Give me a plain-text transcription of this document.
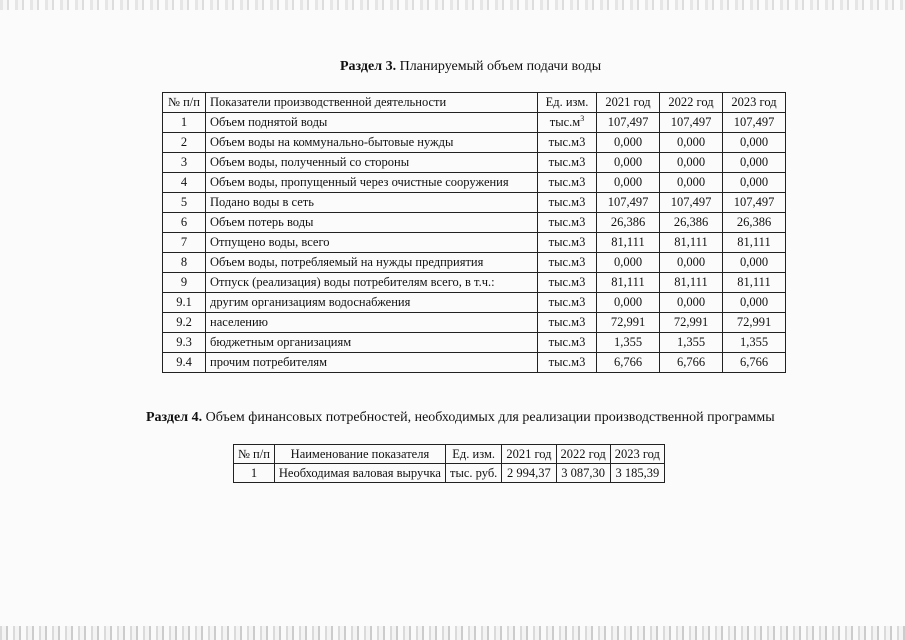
Раздел 3. Планируемый объем подачи воды
№ п/п	Показатели производственной деятельности	Ед. изм.	2021 год	2022 год	2023 год
1	Объем поднятой воды	$тыс.м^3$	107,497	107,497	107,497
2	Объем воды на коммунально-бытовые нужды	тыс.м3	0,000	0,000	0,000
3	Объем воды, полученный со стороны	тыс.м3	0,000	0,000	0,000
4	Объем воды, пропущенный через очистные сооружения	тыс.м3	0,000	0,000	0,000
5	Подано воды в сеть	тыс.м3	107,497	107,497	107,497
6	Объем потерь воды	тыс.м3	26,386	26,386	26,386
7	Отпущено воды, всего	тыс.м3	81,111	81,111	81,111
8	Объем воды, потребляемый на нужды предприятия	тыс.м3	0,000	0,000	0,000
9	Отпуск (реализация) воды потребителям всего, в т.ч.:	тыс.м3	81,111	81,111	81,111
9.1	другим организациям водоснабжения	тыс.м3	0,000	0,000	0,000
9.2	населению	тыс.м3	72,991	72,991	72,991
9.3	бюджетным организациям	тыс.м3	1,355	1,355	1,355
9.4	прочим потребителям	тыс.м3	6,766	6,766	6,766
Раздел 4. Объем финансовых потребностей, необходимых для реализации производственной программы
№ п/п	Наименование показателя	Ед. изм.	2021 год	2022 год	2023 год
1	Необходимая валовая выручка	тыс. руб.	2 994,37	3 087,30	3 185,39
